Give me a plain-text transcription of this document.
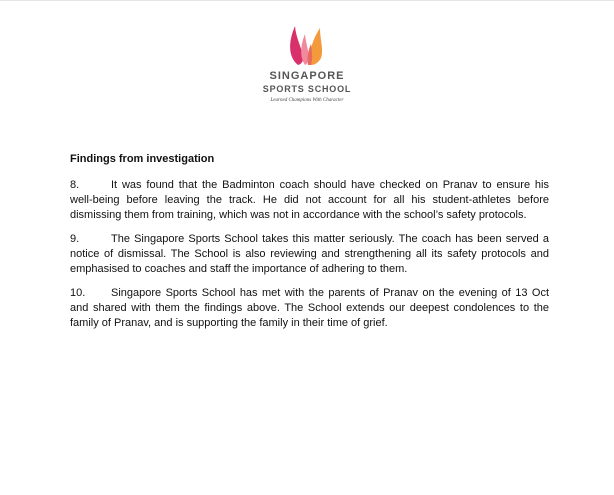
SINGAPORE
SPORTS SCHOOL
Learned Champions With Character

Findings from investigation

8.	It was found that the Badminton coach should have checked on Pranav to ensure his well-being before leaving the track. He did not account for all his student-athletes before dismissing them from training, which was not in accordance with the school’s safety protocols.

9.	The Singapore Sports School takes this matter seriously. The coach has been served a notice of dismissal. The School is also reviewing and strengthening all its safety protocols and emphasised to coaches and staff the importance of adhering to them.

10. Singapore Sports School has met with the parents of Pranav on the evening of 13 Oct and shared with them the findings above. The School extends our deepest condolences to the family of Pranav, and is supporting the family in their time of grief.
